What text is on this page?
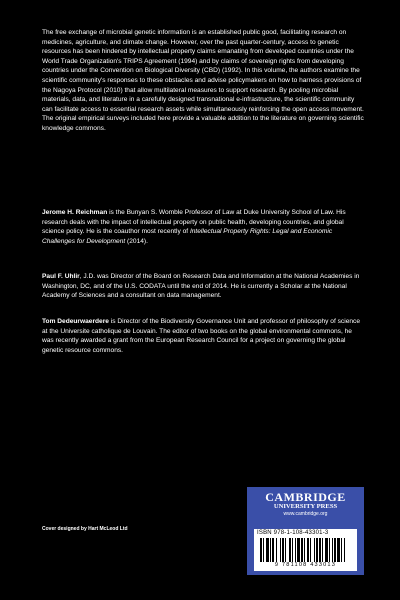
The free exchange of microbial genetic information is an established public good, facilitating research on medicines, agriculture, and climate change. However, over the past quarter-century, access to genetic resources has been hindered by intellectual property claims emanating from developed countries under the World Trade Organization's TRIPS Agreement (1994) and by claims of sovereign rights from developing countries under the Convention on Biological Diversity (CBD) (1992). In this volume, the authors examine the scientific community's responses to these obstacles and advise policymakers on how to harness provisions of the Nagoya Protocol (2010) that allow multilateral measures to support research. By pooling microbial materials, data, and literature in a carefully designed transnational e-infrastructure, the scientific community can facilitate access to essential research assets while simultaneously reinforcing the open access movement. The original empirical surveys included here provide a valuable addition to the literature on governing scientific knowledge commons.

Jerome H. Reichman is the Bunyan S. Womble Professor of Law at Duke University School of Law. His research deals with the impact of intellectual property on public health, developing countries, and global science policy. He is the coauthor most recently of Intellectual Property Rights: Legal and Economic Challenges for Development (2014).

Paul F. Uhlir, J.D. was Director of the Board on Research Data and Information at the National Academies in Washington, DC, and of the U.S. CODATA until the end of 2014. He is currently a Scholar at the National Academy of Sciences and a consultant on data management.

Tom Dedeurwaerdere is Director of the Biodiversity Governance Unit and professor of philosophy of science at the Universite catholique de Louvain. The editor of two books on the global environmental commons, he was recently awarded a grant from the European Research Council for a project on governing the global genetic resource commons.

Cover designed by Hart McLeod Ltd

CAMBRIDGE
UNIVERSITY PRESS
www.cambridge.org
ISBN 978-1-108-43301-3
9 781108 433013
